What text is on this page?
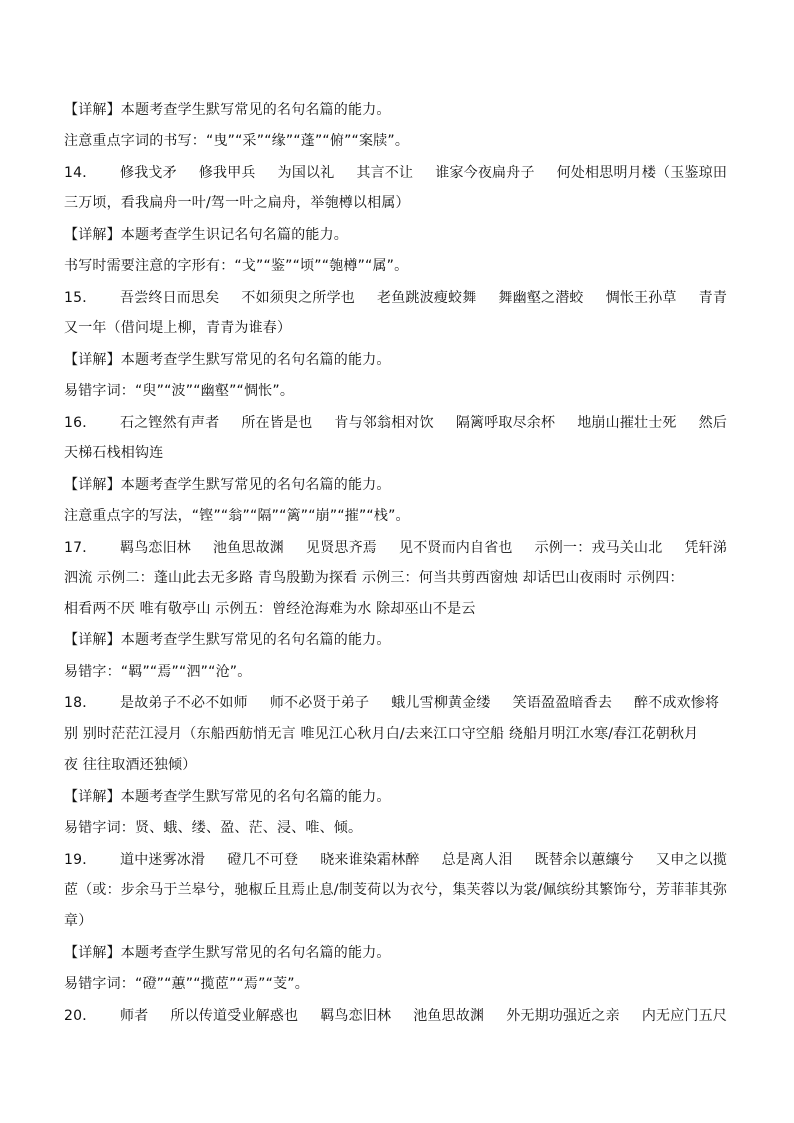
【详解】本题考查学生默写常见的名句名篇的能力。
注意重点字词的书写：“曳”“采”“缘”“蓬”“俯”“案牍”。
14． 修我戈矛 修我甲兵 为国以礼 其言不让 谁家今夜扁舟子 何处相思明月楼（玉鉴琼田
三万顷，看我扁舟一叶/驾一叶之扁舟，举匏樽以相属）
【详解】本题考查学生识记名句名篇的能力。
书写时需要注意的字形有：“戈”“鉴”“顷”“匏樽”“属”。
15． 吾尝终日而思矣 不如须臾之所学也 老鱼跳波瘦蛟舞 舞幽壑之潜蛟 惆怅王孙草 青青
又一年（借问堤上柳，青青为谁春）
【详解】本题考查学生默写常见的名句名篇的能力。
易错字词：“臾”“波”“幽壑”“惆怅”。
16． 石之铿然有声者 所在皆是也 肯与邻翁相对饮 隔篱呼取尽余杯 地崩山摧壮士死 然后
天梯石栈相钩连
【详解】本题考查学生默写常见的名句名篇的能力。
注意重点字的写法，“铿”“翁”“隔”“篱”“崩”“摧”“栈”。
17． 羁鸟恋旧林 池鱼思故渊 见贤思齐焉 见不贤而内自省也 示例一：戎马关山北 凭轩涕
泗流 示例二：蓬山此去无多路 青鸟殷勤为探看 示例三：何当共剪西窗烛 却话巴山夜雨时 示例四：
相看两不厌 唯有敬亭山 示例五：曾经沧海难为水 除却巫山不是云
【详解】本题考查学生默写常见的名句名篇的能力。
易错字：“羁”“焉”“泗”“沧”。
18． 是故弟子不必不如师 师不必贤于弟子 蛾儿雪柳黄金缕 笑语盈盈暗香去 醉不成欢惨将
别 别时茫茫江浸月（东船西舫悄无言 唯见江心秋月白/去来江口守空船 绕船月明江水寒/春江花朝秋月
夜 往往取酒还独倾）
【详解】本题考查学生默写常见的名句名篇的能力。
易错字词：贤、蛾、缕、盈、茫、浸、唯、倾。
19． 道中迷雾冰滑 磴几不可登 晓来谁染霜林醉 总是离人泪 既替余以蕙纕兮 又申之以揽
茝（或：步余马于兰皋兮，驰椒丘且焉止息/制芰荷以为衣兮，集芙蓉以为裳/佩缤纷其繁饰兮，芳菲菲其弥
章）
【详解】本题考查学生默写常见的名句名篇的能力。
易错字词：“磴”“蕙”“揽茝”“焉”“芰”。
20． 师者 所以传道受业解惑也 羁鸟恋旧林 池鱼思故渊 外无期功强近之亲 内无应门五尺
